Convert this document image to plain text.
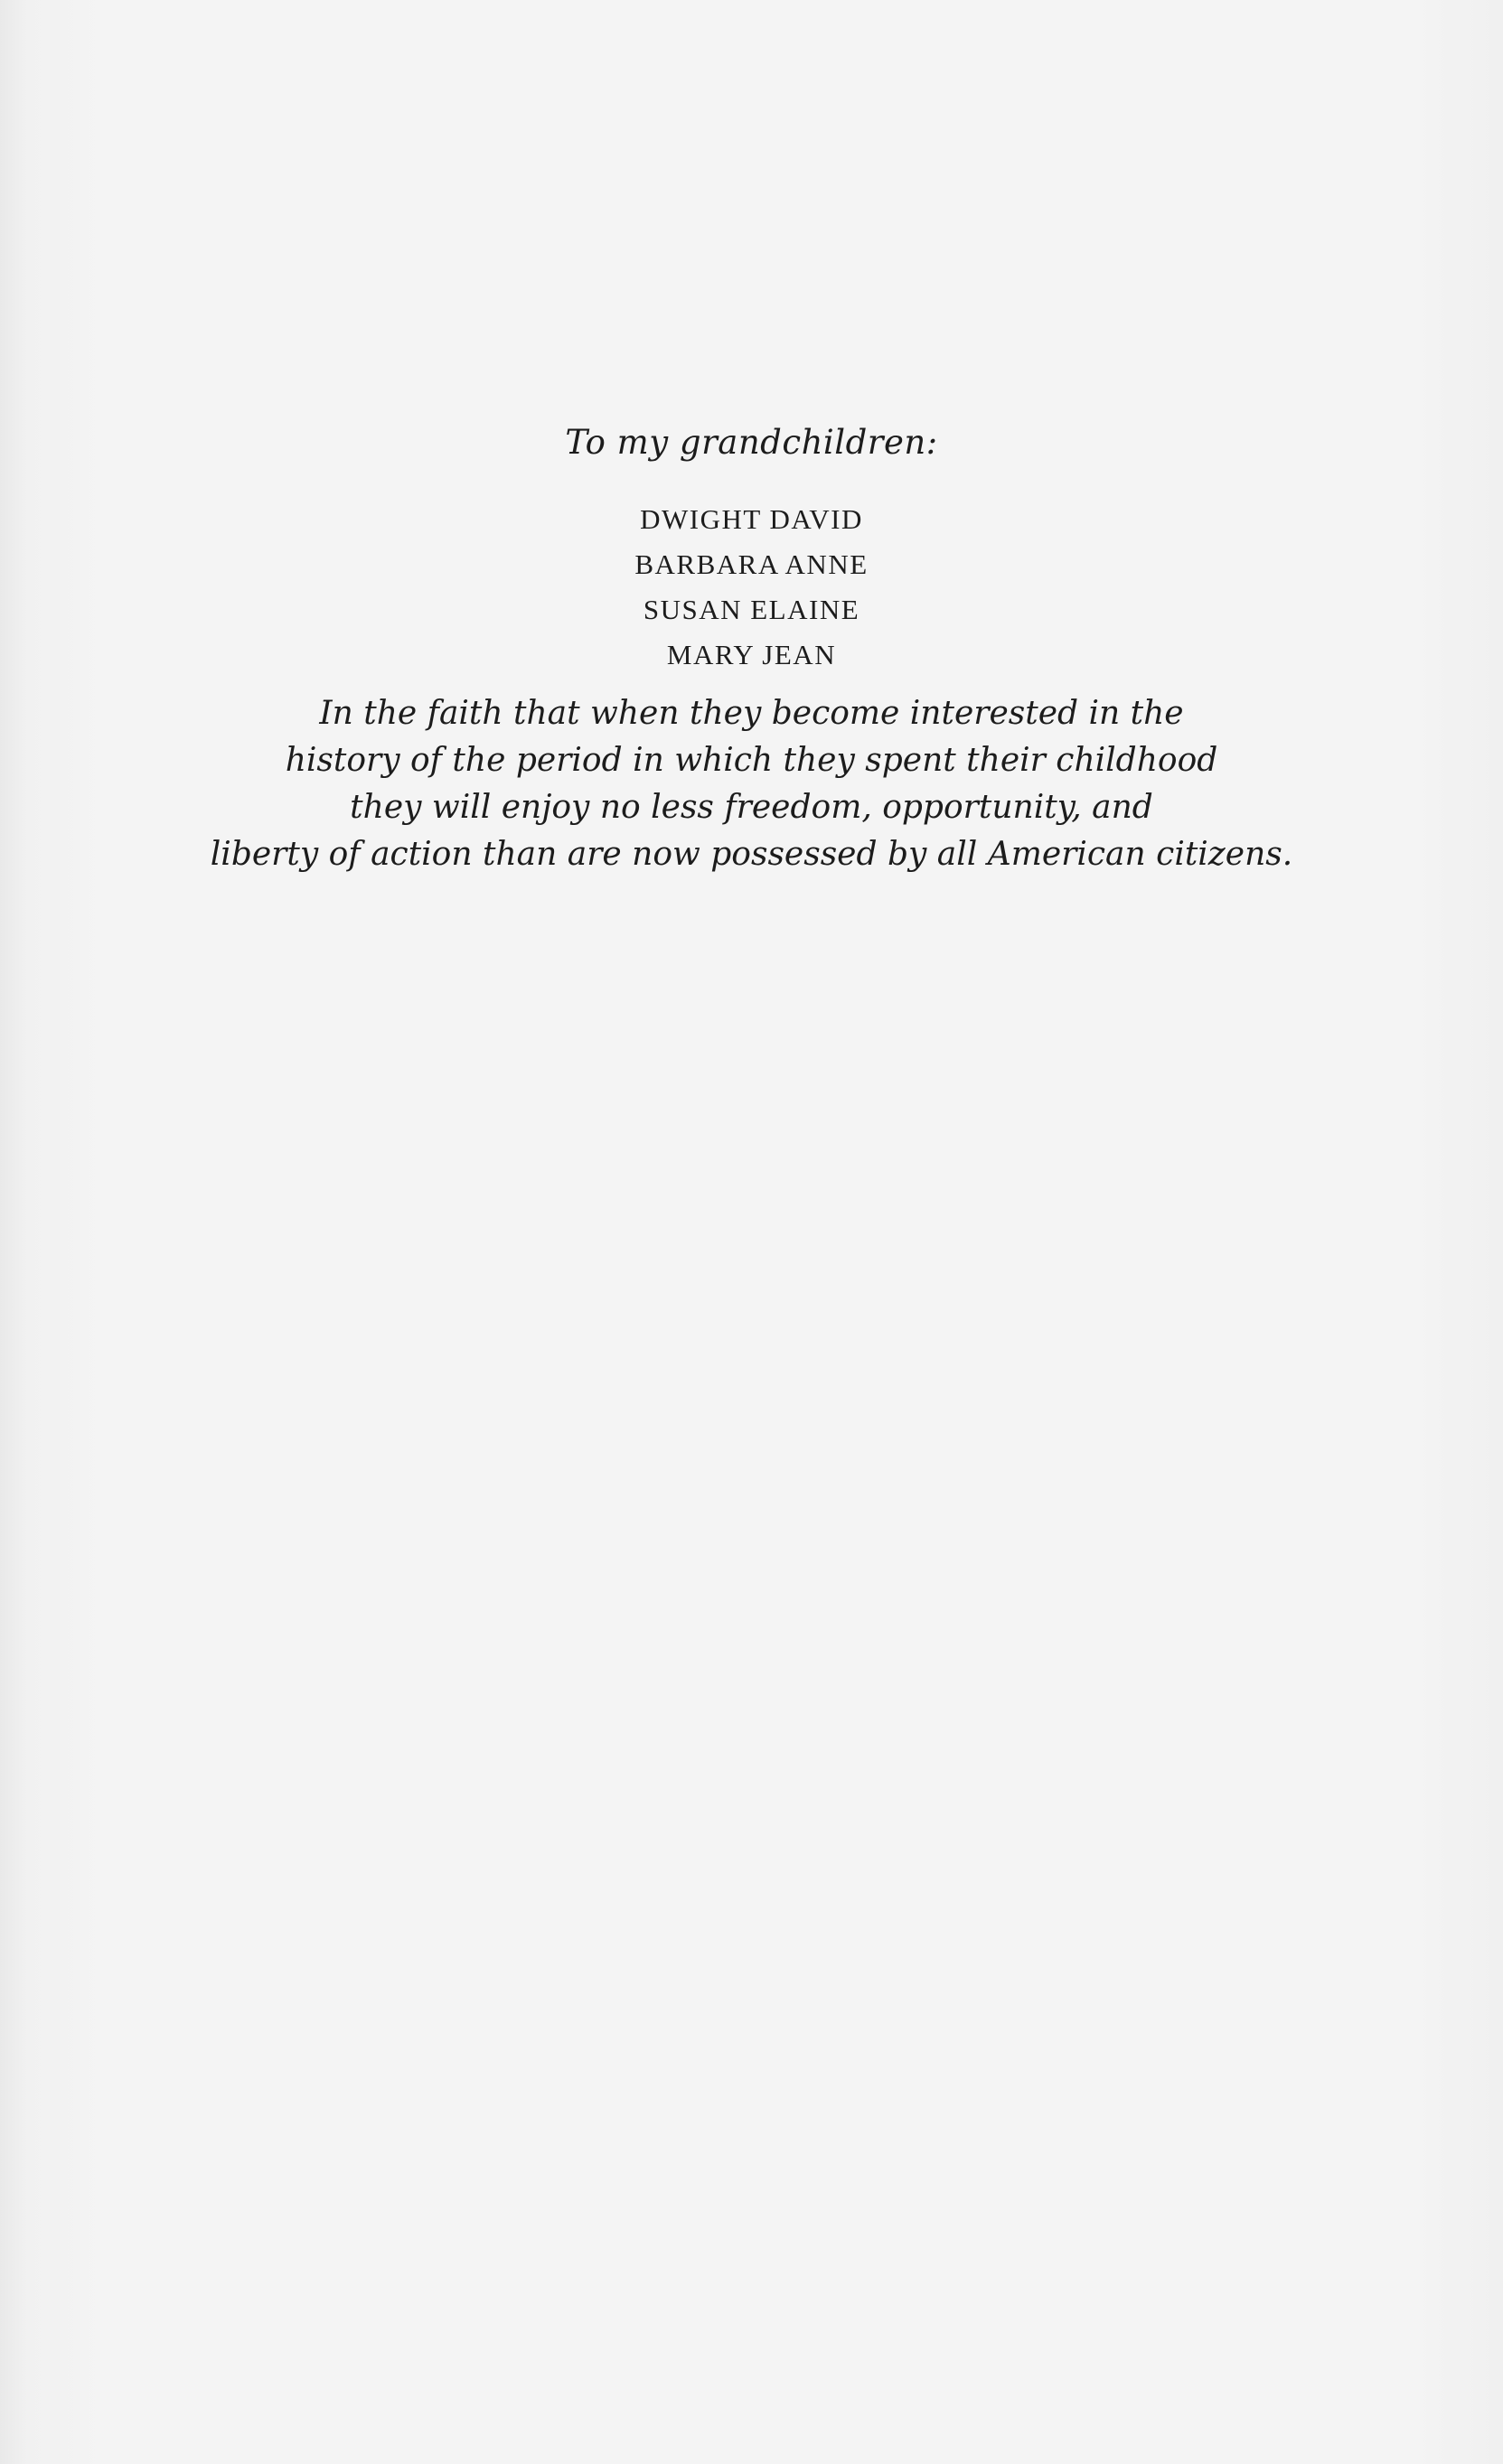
To my grandchildren:
DWIGHT DAVID
BARBARA ANNE
SUSAN ELAINE
MARY JEAN
In the faith that when they become interested in the
history of the period in which they spent their childhood
they will enjoy no less freedom, opportunity, and
liberty of action than are now possessed by all American citizens.
